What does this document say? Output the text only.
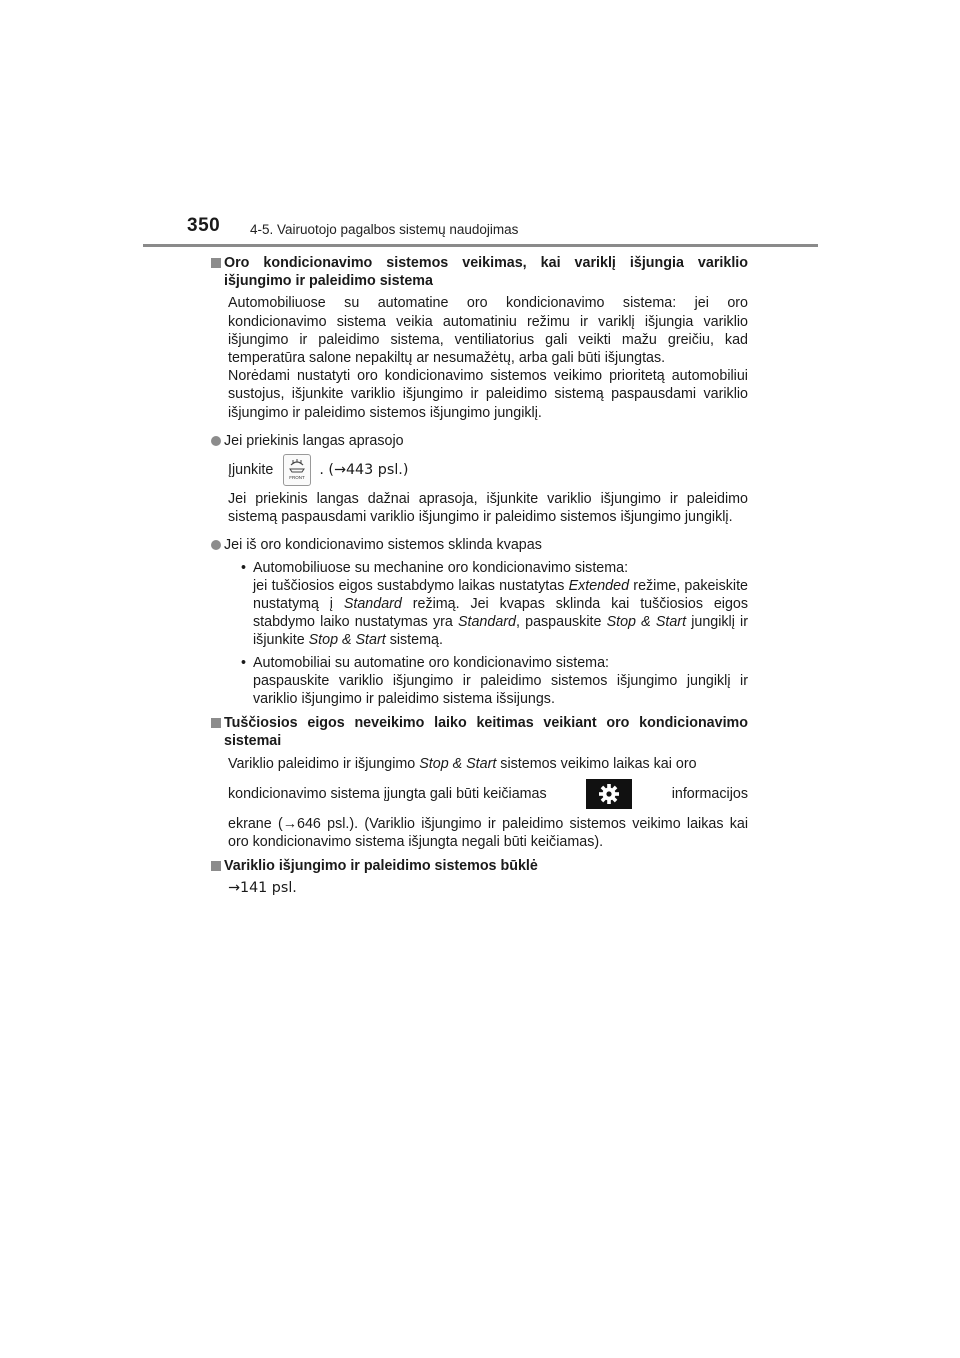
350 4-5. Vairuotojo pagalbos sistemų naudojimas
Oro kondicionavimo sistemos veikimas, kai variklį išjungia variklio išjungimo ir paleidimo sistema
Automobiliuose su automatine oro kondicionavimo sistema: jei oro kondicionavimo sistema veikia automatiniu režimu ir variklį išjungia variklio išjungimo ir paleidimo sistema, ventiliatorius gali veikti mažu greičiu, kad temperatūra salone nepakiltų ar nesumažėtų, arba gali būti išjungtas.
Norėdami nustatyti oro kondicionavimo sistemos veikimo prioritetą automobiliui sustojus, išjunkite variklio išjungimo ir paleidimo sistemą paspausdami variklio išjungimo ir paleidimo sistemos išjungimo jungiklį.
Jei priekinis langas aprasojo
Įjunkite	FRONT . (→443 psl.)
Jei priekinis langas dažnai aprasoja, išjunkite variklio išjungimo ir paleidimo sistemą paspausdami variklio išjungimo ir paleidimo sistemos išjungimo jungiklį.
Jei iš oro kondicionavimo sistemos sklinda kvapas
• Automobiliuose su mechanine oro kondicionavimo sistema:
jei tuščiosios eigos sustabdymo laikas nustatytas Extended režime, pakeiskite nustatymą į Standard režimą. Jei kvapas sklinda kai tuščiosios eigos stabdymo laiko nustatymas yra Standard, paspauskite Stop & Start jungiklį ir išjunkite Stop & Start sistemą.
• Automobiliai su automatine oro kondicionavimo sistema:
paspauskite variklio išjungimo ir paleidimo sistemos išjungimo jungiklį ir variklio išjungimo ir paleidimo sistema išsijungs.
Tuščiosios eigos neveikimo laiko keitimas veikiant oro kondicionavimo sistemai
Variklio paleidimo ir išjungimo Stop & Start sistemos veikimo laikas kai oro
kondicionavimo sistema įjungta gali būti keičiamas	informacijos
ekrane (→646 psl.). (Variklio išjungimo ir paleidimo sistemos veikimo laikas kai oro kondicionavimo sistema išjungta negali būti keičiamas).
Variklio išjungimo ir paleidimo sistemos būklė
→141 psl.
